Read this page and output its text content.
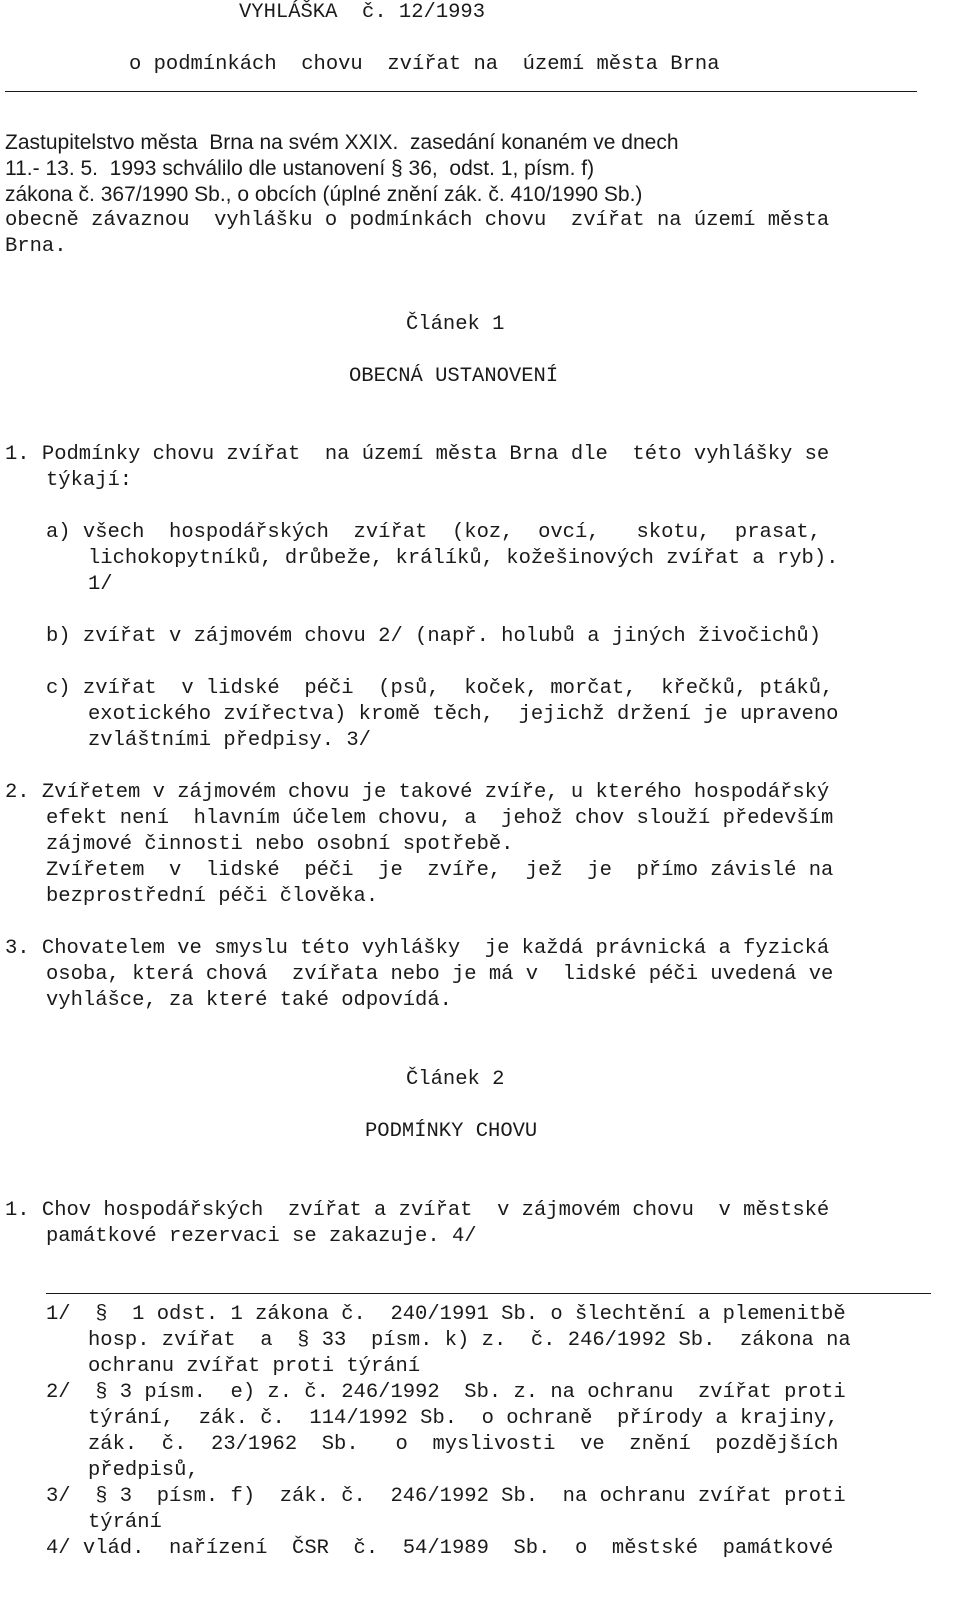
VYHLÁŠKA  č. 12/1993
o podmínkách  chovu  zvířat na  území města Brna
Zastupitelstvo města  Brna na svém XXIX.  zasedání konaném ve dnech
11.- 13. 5.  1993 schválilo dle ustanovení § 36,  odst. 1, písm. f)
zákona č. 367/1990 Sb., o obcích (úplné znění zák. č. 410/1990 Sb.)
obecně závaznou  vyhlášku o podmínkách chovu  zvířat na území města
Brna.
Článek 1
OBECNÁ USTANOVENÍ
1. Podmínky chovu zvířat  na území města Brna dle  této vyhlášky se
týkají:
a) všech  hospodářských  zvířat  (koz,  ovcí,   skotu,  prasat,
lichokopytníků, drůbeže, králíků, kožešinových zvířat a ryb).
1/
b) zvířat v zájmovém chovu 2/ (např. holubů a jiných živočichů)
c) zvířat  v lidské  péči  (psů,  koček, morčat,  křečků, ptáků,
exotického zvířectva) kromě těch,  jejichž držení je upraveno
zvláštními předpisy. 3/
2. Zvířetem v zájmovém chovu je takové zvíře, u kterého hospodářský
efekt není  hlavním účelem chovu, a  jehož chov slouží především
zájmové činnosti nebo osobní spotřebě.
Zvířetem  v  lidské  péči  je  zvíře,  jež  je  přímo závislé na
bezprostřední péči člověka.
3. Chovatelem ve smyslu této vyhlášky  je každá právnická a fyzická
osoba, která chová  zvířata nebo je má v  lidské péči uvedená ve
vyhlášce, za které také odpovídá.
Článek 2
PODMÍNKY CHOVU
1. Chov hospodářských  zvířat a zvířat  v zájmovém chovu  v městské
památkové rezervaci se zakazuje. 4/
1/  §  1 odst. 1 zákona č.  240/1991 Sb. o šlechtění a plemenitbě
hosp. zvířat  a  § 33  písm. k) z.  č. 246/1992 Sb.  zákona na
ochranu zvířat proti týrání
2/  § 3 písm.  e) z. č. 246/1992  Sb. z. na ochranu  zvířat proti
týrání,  zák. č.  114/1992 Sb.  o ochraně  přírody a krajiny,
zák.  č.  23/1962  Sb.   o  myslivosti  ve  znění  pozdějších
předpisů,
3/  § 3  písm. f)  zák. č.  246/1992 Sb.  na ochranu zvířat proti
týrání
4/ vlád.  nařízení  ČSR  č.  54/1989  Sb.  o  městské  památkové
